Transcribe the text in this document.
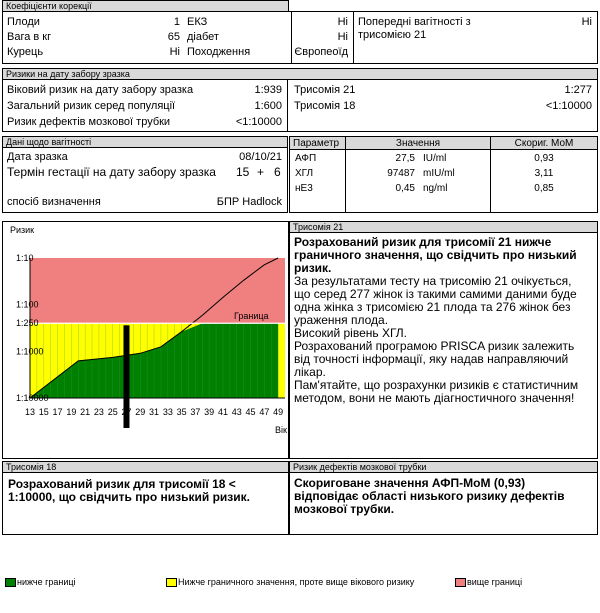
Коефіцієнти корекції
Плоди	1
Вага в кг	65
Курець	Ні
ЕКЗ	Ні
діабет	Ні
Походження	Європеоїд
Попередні вагітності з трисомією 21
Ні
Ризики на дату забору зразка
Віковий ризик на дату забору зразка	1:939
Загальний ризик серед популяції	1:600
Ризик дефектів мозкової трубки	<1:10000
Трисомія 21	1:277
Трисомія 18	<1:10000
Дані щодо вагітності
Дата зразка	08/10/21
Термін гестації на дату забору зразка 15 + 6
спосіб визначення	БПР Hadlock
Параметр	Значення	Скориг. МоМ
АФП	27,5 IU/ml	0,93
ХГЛ	97487 mIU/ml	3,11
нЕ3	0,45 ng/ml	0,85
Ризик
Граница
1:10
1:100
1:250
1:1000
1:10000
13 15 17 19 21 23 25 27 29 31 33 35 37 39 41 43 45 47 49
Вік
Трисомія 21
Розрахований ризик для трисомії 21 нижче
граничного значення, що свідчить про низький
ризик.
За результатами тесту на трисомію 21 очікується,
що серед 277 жінок із такими самими даними буде
одна жінка з трисомією 21 плода та 276 жінок без
ураження плода.
Високий рівень ХГЛ.
Розрахований програмою PRISCA ризик залежить
від точності інформації, яку надав направляючий
лікар.
Пам'ятайте, що розрахунки ризиків є статистичним
методом, вони не мають діагностичного значення!
Трисомія 18
Розрахований ризик для трисомії 18 <
1:10000, що свідчить про низький ризик.
Ризик дефектів мозкової трубки
Скориговане значення АФП-МоМ (0,93)
відповідає області низького ризику дефектів
мозкової трубки.
нижче границі	Нижче граничного значення, проте вище вікового ризику	вище границі
